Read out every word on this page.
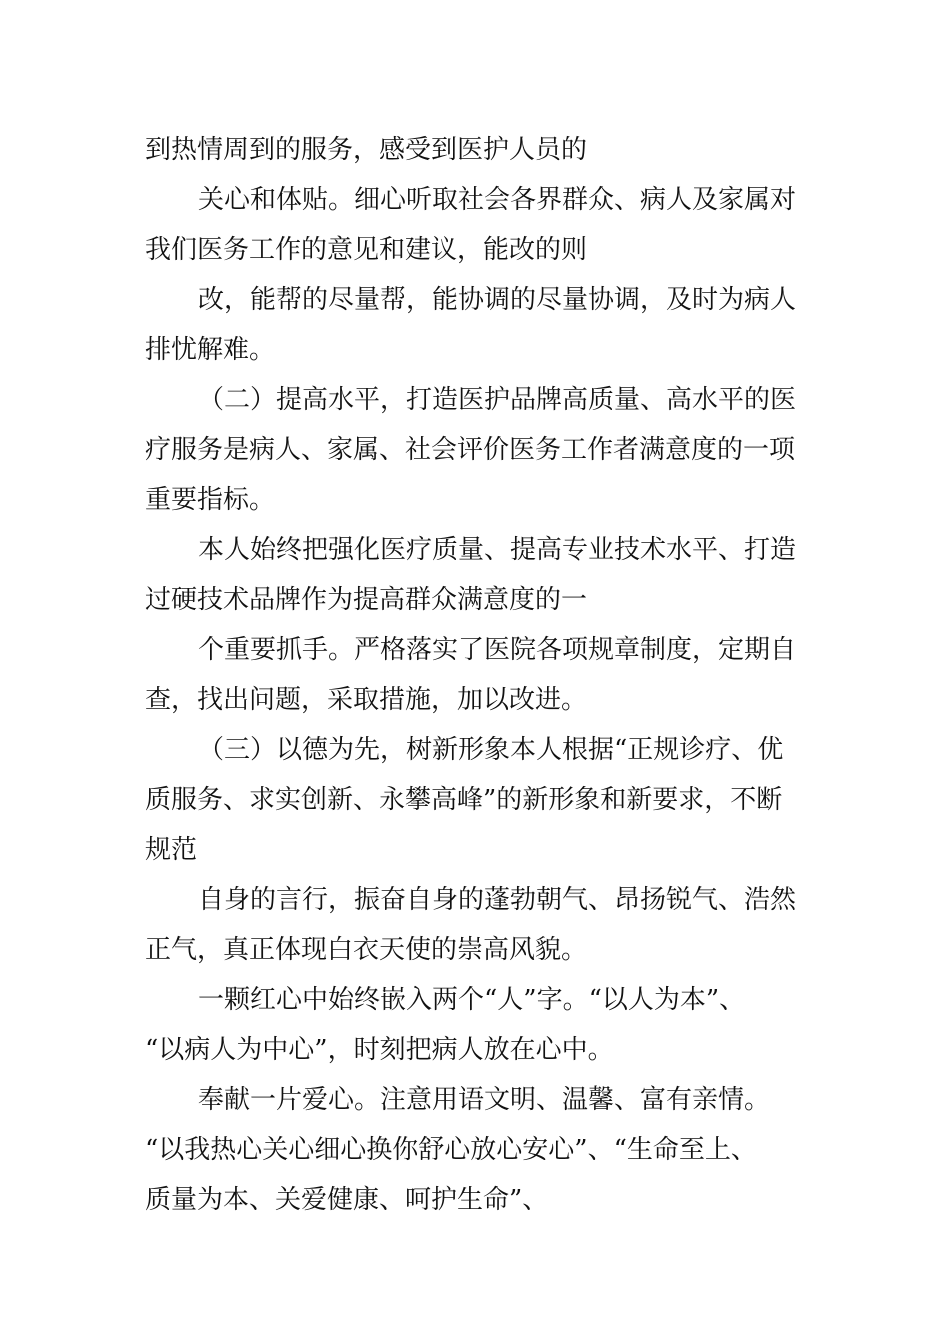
到热情周到的服务，感受到医护人员的

关心和体贴。细心听取社会各界群众、病人及家属对

我们医务工作的意见和建议，能改的则

改，能帮的尽量帮，能协调的尽量协调，及时为病人

排忧解难。

（二）提高水平，打造医护品牌高质量、高水平的医

疗服务是病人、家属、社会评价医务工作者满意度的一项

重要指标。

本人始终把强化医疗质量、提高专业技术水平、打造

过硬技术品牌作为提高群众满意度的一

个重要抓手。严格落实了医院各项规章制度，定期自

查，找出问题，采取措施，加以改进。

（三）以德为先，树新形象本人根据“正规诊疗、优

质服务、求实创新、永攀高峰”的新形象和新要求，不断

规范

自身的言行，振奋自身的蓬勃朝气、昂扬锐气、浩然

正气，真正体现白衣天使的崇高风貌。

一颗红心中始终嵌入两个“人”字。“以人为本”、

“以病人为中心”，时刻把病人放在心中。

奉献一片爱心。注意用语文明、温馨、富有亲情。

“以我热心关心细心换你舒心放心安心”、“生命至上、

质量为本、关爱健康、呵护生命”、
